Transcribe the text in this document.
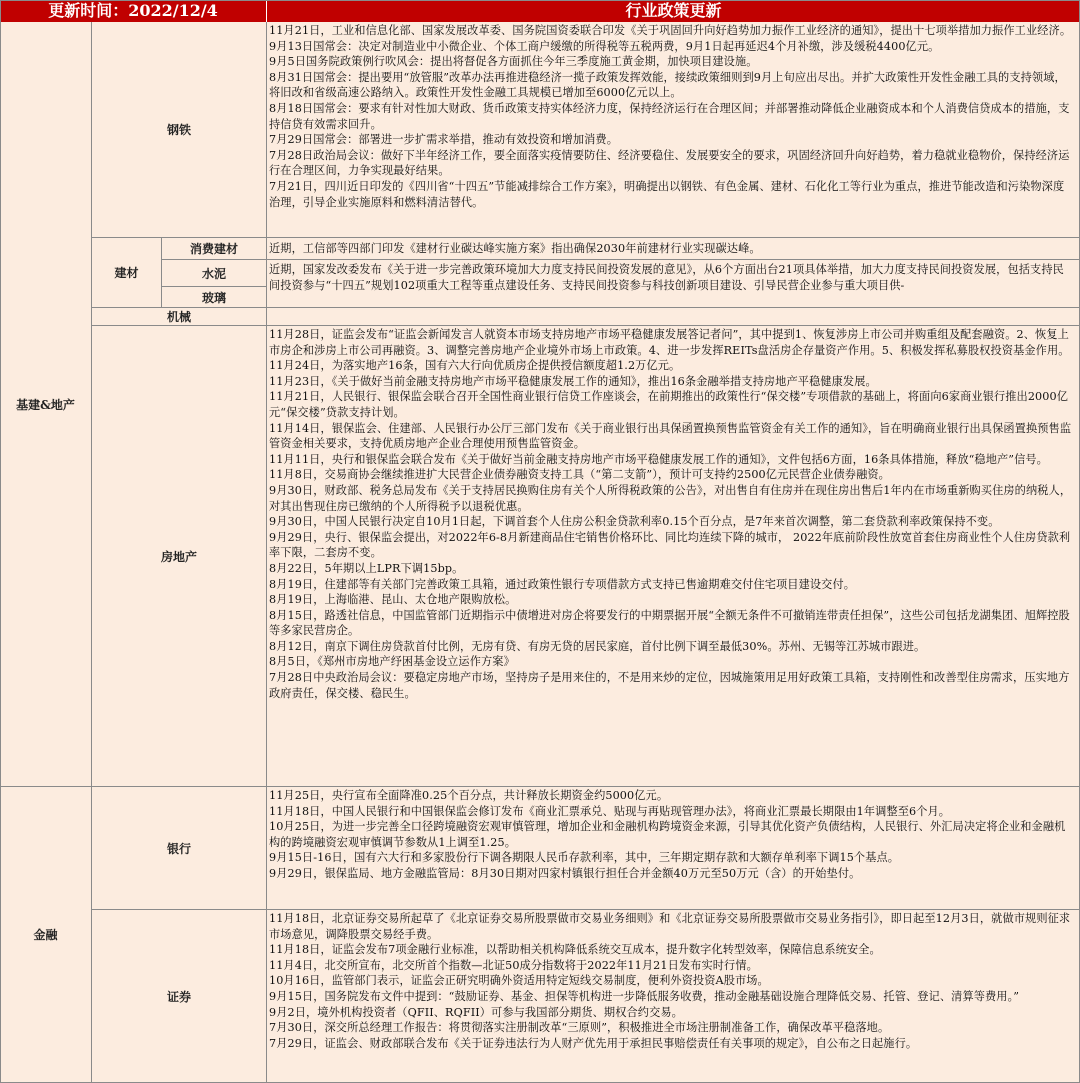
更新时间：2022/12/4	行业政策更新
基建&地产
金融
钢铁
建材
消费建材
水泥
玻璃
机械
房地产
银行
证券
11月21日，工业和信息化部、国家发展改革委、国务院国资委联合印发《关于巩固回升向好趋势加力振作工业经济的通知》，提出十七项举措加力振作工业经济。
9月13日国常会：决定对制造业中小微企业、个体工商户缓缴的所得税等五税两费，9月1日起再延迟4个月补缴，涉及缓税4400亿元。
9月5日国务院政策例行吹风会：提出将督促各方面抓住今年三季度施工黄金期，加快项目建设施。
8月31日国常会：提出要用“放管服”改革办法再推进稳经济一揽子政策发挥效能，接续政策细则到9月上旬应出尽出。并扩大政策性开发性金融工具的支持领域，将旧改和省级高速公路纳入。政策性开发性金融工具规模已增加至6000亿元以上。
8月18日国常会：要求有针对性加大财政、货币政策支持实体经济力度，保持经济运行在合理区间；并部署推动降低企业融资成本和个人消费信贷成本的措施，支持信贷有效需求回升。
7月29日国常会：部署进一步扩需求举措，推动有效投资和增加消费。
7月28日政治局会议：做好下半年经济工作，要全面落实疫情要防住、经济要稳住、发展要安全的要求，巩固经济回升向好趋势，着力稳就业稳物价，保持经济运行在合理区间，力争实现最好结果。
7月21日，四川近日印发的《四川省“十四五”节能减排综合工作方案》，明确提出以钢铁、有色金属、建材、石化化工等行业为重点，推进节能改造和污染物深度治理，引导企业实施原料和燃料清洁替代。
近期，工信部等四部门印发《建材行业碳达峰实施方案》指出确保2030年前建材行业实现碳达峰。
近期，国家发改委发布《关于进一步完善政策环境加大力度支持民间投资发展的意见》，从6个方面出台21项具体举措，加大力度支持民间投资发展，包括支持民间投资参与“十四五”规划102项重大工程等重点建设任务、支持民间投资参与科技创新项目建设、引导民营企业参与重大项目供-
11月28日，证监会发布“证监会新闻发言人就资本市场支持房地产市场平稳健康发展答记者问”，其中提到1、恢复涉房上市公司并购重组及配套融资。2、恢复上市房企和涉房上市公司再融资。3、调整完善房地产企业境外市场上市政策。4、进一步发挥REITs盘活房企存量资产作用。5、积极发挥私募股权投资基金作用。
11月24日，为落实地产16条，国有六大行向优质房企提供授信额度超1.2万亿元。
11月23日，《关于做好当前金融支持房地产市场平稳健康发展工作的通知》，推出16条金融举措支持房地产平稳健康发展。
11月21日，人民银行、银保监会联合召开全国性商业银行信贷工作座谈会，在前期推出的政策性行“保交楼”专项借款的基础上，将面向6家商业银行推出2000亿元“保交楼”贷款支持计划。
11月14日，银保监会、住建部、人民银行办公厅三部门发布《关于商业银行出具保函置换预售监管资金有关工作的通知》，旨在明确商业银行出具保函置换预售监管资金相关要求，支持优质房地产企业合理使用预售监管资金。
11月11日，央行和银保监会联合发布《关于做好当前金融支持房地产市场平稳健康发展工作的通知》，文件包括6方面，16条具体措施，释放“稳地产”信号。
11月8日，交易商协会继续推进扩大民营企业债券融资支持工具（“第二支箭”），预计可支持约2500亿元民营企业债券融资。
9月30日，财政部、税务总局发布《关于支持居民换购住房有关个人所得税政策的公告》，对出售自有住房并在现住房出售后1年内在市场重新购买住房的纳税人，对其出售现住房已缴纳的个人所得税予以退税优惠。
9月30日，中国人民银行决定自10月1日起，下调首套个人住房公积金贷款利率0.15个百分点，是7年来首次调整，第二套贷款利率政策保持不变。
9月29日，央行、银保监会提出，对2022年6-8月新建商品住宅销售价格环比、同比均连续下降的城市， 2022年底前阶段性放宽首套住房商业性个人住房贷款利率下限，二套房不变。
8月22日，5年期以上LPR下调15bp。
8月19日，住建部等有关部门完善政策工具箱，通过政策性银行专项借款方式支持已售逾期难交付住宅项目建设交付。
8月19日，上海临港、昆山、太仓地产限购放松。
8月15日，路透社信息，中国监管部门近期指示中债增进对房企将要发行的中期票据开展“全额无条件不可撤销连带责任担保”，这些公司包括龙湖集团、旭辉控股等多家民营房企。
8月12日，南京下调住房贷款首付比例，无房有贷、有房无贷的居民家庭，首付比例下调至最低30%。苏州、无锡等江苏城市跟进。
8月5日，《郑州市房地产纾困基金设立运作方案》
7月28日中央政治局会议：要稳定房地产市场，坚持房子是用来住的，不是用来炒的定位，因城施策用足用好政策工具箱，支持刚性和改善型住房需求，压实地方政府责任，保交楼、稳民生。
11月25日，央行宣布全面降准0.25个百分点，共计释放长期资金约5000亿元。
11月18日，中国人民银行和中国银保监会修订发布《商业汇票承兑、贴现与再贴现管理办法》，将商业汇票最长期限由1年调整至6个月。
10月25日，为进一步完善全口径跨境融资宏观审慎管理，增加企业和金融机构跨境资金来源，引导其优化资产负债结构，人民银行、外汇局决定将企业和金融机构的跨境融资宏观审慎调节参数从1上调至1.25。
9月15日-16日，国有六大行和多家股份行下调各期限人民币存款利率，其中，三年期定期存款和大额存单利率下调15个基点。
9月29日，银保监局、地方金融监管局：8月30日期对四家村镇银行担任合并金额40万元至50万元（含）的开始垫付。
11月18日，北京证券交易所起草了《北京证券交易所股票做市交易业务细则》和《北京证券交易所股票做市交易业务指引》，即日起至12月3日，就做市规则征求市场意见，调降股票交易经手费。
11月18日，证监会发布7项金融行业标准，以帮助相关机构降低系统交互成本，提升数字化转型效率，保障信息系统安全。
11月4日，北交所宣布，北交所首个指数—北证50成分指数将于2022年11月21日发布实时行情。
10月16日，监管部门表示，证监会正研究明确外资适用特定短线交易制度，便利外资投资A股市场。
9月15日，国务院发布文件中提到：“鼓励证券、基金、担保等机构进一步降低服务收费，推动金融基础设施合理降低交易、托管、登记、清算等费用。”
9月2日，境外机构投资者（QFII、RQFII）可参与我国部分期货、期权合约交易。
7月30日，深交所总经理工作报告：将贯彻落实注册制改革“三原则”，积极推进全市场注册制准备工作，确保改革平稳落地。
7月29日，证监会、财政部联合发布《关于证券违法行为人财产优先用于承担民事赔偿责任有关事项的规定》，自公布之日起施行。
